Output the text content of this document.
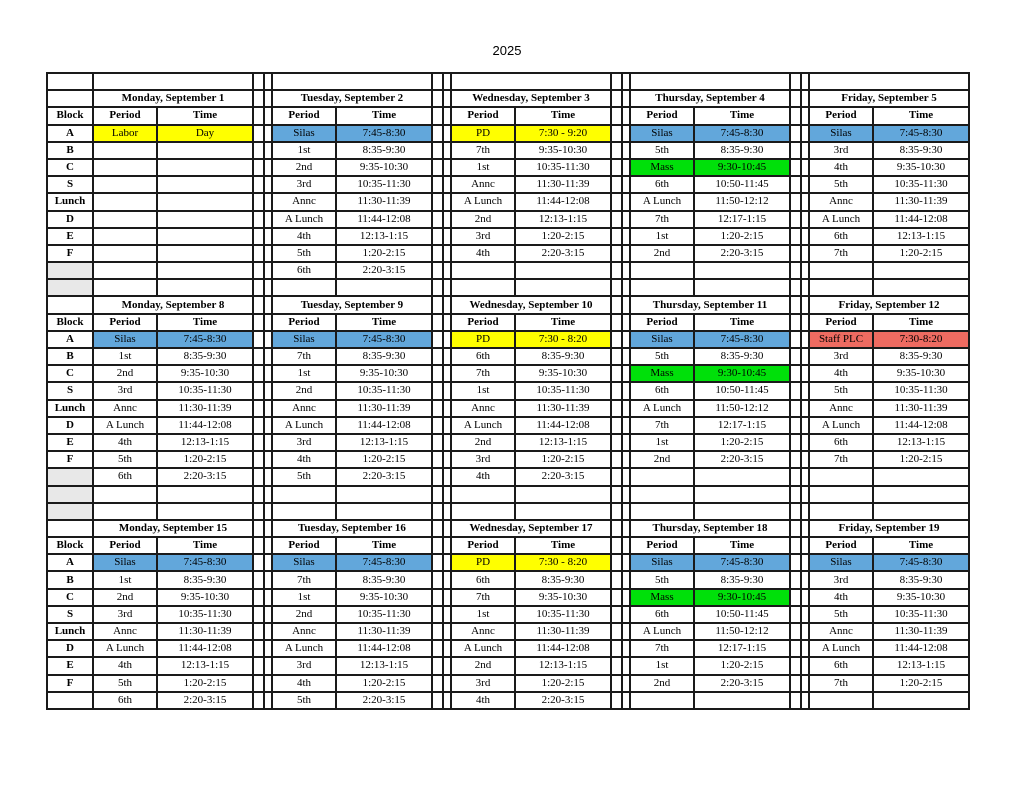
2025

	Monday, September 1				Tuesday, September 2				Wednesday, September 3				Thursday, September 4				Friday, September 5	
Block	Period	Time			Period	Time			Period	Time			Period	Time			Period	Time
A	Labor	Day			Silas	7:45-8:30			PD	7:30 - 9:20			Silas	7:45-8:30			Silas	7:45-8:30
B					1st	8:35-9:30			7th	9:35-10:30			5th	8:35-9:30			3rd	8:35-9:30
C					2nd	9:35-10:30			1st	10:35-11:30			Mass	9:30-10:45			4th	9:35-10:30
S					3rd	10:35-11:30			Annc	11:30-11:39			6th	10:50-11:45			5th	10:35-11:30
Lunch					Annc	11:30-11:39			A Lunch	11:44-12:08			A Lunch	11:50-12:12			Annc	11:30-11:39
D					A Lunch	11:44-12:08			2nd	12:13-1:15			7th	12:17-1:15			A Lunch	11:44-12:08
E					4th	12:13-1:15			3rd	1:20-2:15			1st	1:20-2:15			6th	12:13-1:15
F					5th	1:20-2:15			4th	2:20-3:15			2nd	2:20-3:15			7th	1:20-2:15
					6th	2:20-3:15												

	Monday, September 8				Tuesday, September 9				Wednesday, September 10				Thursday, September 11				Friday, September 12	
Block	Period	Time			Period	Time			Period	Time			Period	Time			Period	Time
A	Silas	7:45-8:30			Silas	7:45-8:30			PD	7:30 - 8:20			Silas	7:45-8:30			Staff PLC	7:30-8:20
B	1st	8:35-9:30			7th	8:35-9:30			6th	8:35-9:30			5th	8:35-9:30			3rd	8:35-9:30
C	2nd	9:35-10:30			1st	9:35-10:30			7th	9:35-10:30			Mass	9:30-10:45			4th	9:35-10:30
S	3rd	10:35-11:30			2nd	10:35-11:30			1st	10:35-11:30			6th	10:50-11:45			5th	10:35-11:30
Lunch	Annc	11:30-11:39			Annc	11:30-11:39			Annc	11:30-11:39			A Lunch	11:50-12:12			Annc	11:30-11:39
D	A Lunch	11:44-12:08			A Lunch	11:44-12:08			A Lunch	11:44-12:08			7th	12:17-1:15			A Lunch	11:44-12:08
E	4th	12:13-1:15			3rd	12:13-1:15			2nd	12:13-1:15			1st	1:20-2:15			6th	12:13-1:15
F	5th	1:20-2:15			4th	1:20-2:15			3rd	1:20-2:15			2nd	2:20-3:15			7th	1:20-2:15
	6th	2:20-3:15			5th	2:20-3:15			4th	2:20-3:15								

	Monday, September 15				Tuesday, September 16				Wednesday, September 17				Thursday, September 18				Friday, September 19	
Block	Period	Time			Period	Time			Period	Time			Period	Time			Period	Time
A	Silas	7:45-8:30			Silas	7:45-8:30			PD	7:30 - 8:20			Silas	7:45-8:30			Silas	7:45-8:30
B	1st	8:35-9:30			7th	8:35-9:30			6th	8:35-9:30			5th	8:35-9:30			3rd	8:35-9:30
C	2nd	9:35-10:30			1st	9:35-10:30			7th	9:35-10:30			Mass	9:30-10:45			4th	9:35-10:30
S	3rd	10:35-11:30			2nd	10:35-11:30			1st	10:35-11:30			6th	10:50-11:45			5th	10:35-11:30
Lunch	Annc	11:30-11:39			Annc	11:30-11:39			Annc	11:30-11:39			A Lunch	11:50-12:12			Annc	11:30-11:39
D	A Lunch	11:44-12:08			A Lunch	11:44-12:08			A Lunch	11:44-12:08			7th	12:17-1:15			A Lunch	11:44-12:08
E	4th	12:13-1:15			3rd	12:13-1:15			2nd	12:13-1:15			1st	1:20-2:15			6th	12:13-1:15
F	5th	1:20-2:15			4th	1:20-2:15			3rd	1:20-2:15			2nd	2:20-3:15			7th	1:20-2:15
	6th	2:20-3:15			5th	2:20-3:15			4th	2:20-3:15								
